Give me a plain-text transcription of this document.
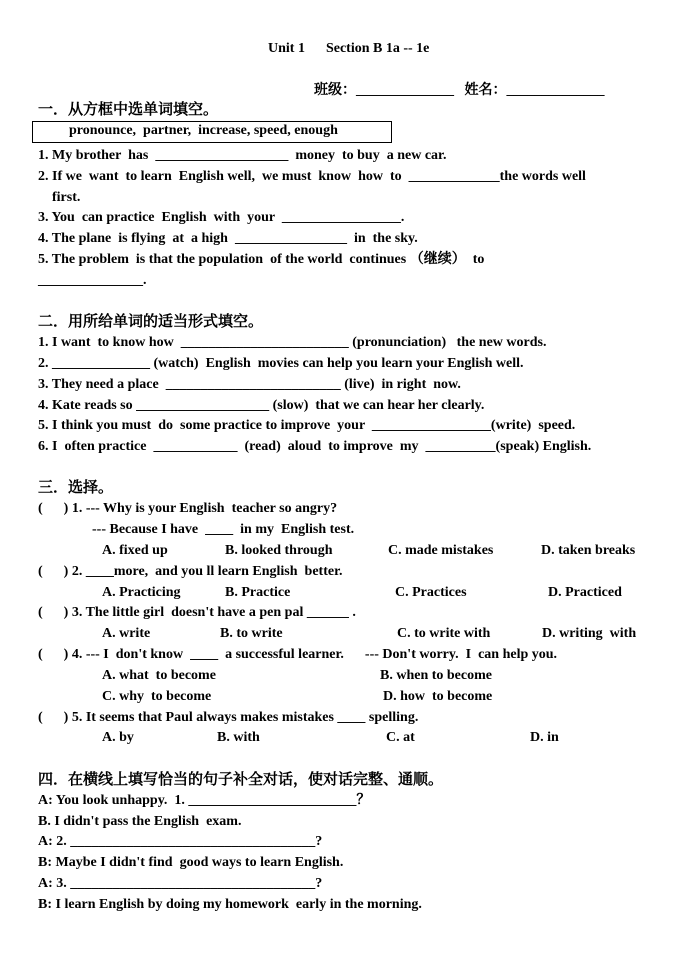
Unit 1      Section B 1a -- 1e
班级：______________   姓名：______________
一．从方框中选单词填空。
pronounce,  partner,  increase, speed, enough
1. My brother  has  ___________________  money  to buy  a new car.
2. If we  want  to learn  English well,  we must  know  how  to  _____________the words well
first.
3. You  can practice  English  with  your  _________________.
4. The plane  is flying  at  a high  ________________  in  the sky.
5. The problem  is that the population  of the world  continues （继续）  to
_______________.
二．用所给单词的适当形式填空。
1. I want  to know how  ________________________ (pronunciation)   the new words.
2. ______________ (watch)  English  movies can help you learn your English well.
3. They need a place  _________________________ (live)  in right  now.
4. Kate reads so ___________________ (slow)  that we can hear her clearly.
5. I think you must  do  some practice to improve  your  _________________(write)  speed.
6. I  often practice  ____________  (read)  aloud  to improve  my  __________(speak) English.
三．选择。
(      ) 1. --- Why is your English  teacher so angry?
--- Because I have  ____  in my  English test.
A. fixed up	B. looked through	C. made mistakes	D. taken breaks
(      ) 2. ____more,  and you ll learn English  better.
A. Practicing	B. Practice	C. Practices	D. Practiced
(      ) 3. The little girl  doesn't have a pen pal ______ .
A. write	B. to write	C. to write with	D. writing  with
(      ) 4. --- I  don't know  ____  a successful learner.      --- Don't worry.  I  can help you.
A. what  to become	B. when to become
C. why  to become	D. how  to become
(      ) 5. It seems that Paul always makes mistakes ____ spelling.
A. by	B. with	C. at	D. in
四．在横线上填写恰当的句子补全对话，使对话完整、通顺。
A: You look unhappy.  1. ________________________？
B. I didn't pass the English  exam.
A: 2. ___________________________________?
B: Maybe I didn't find  good ways to learn English.
A: 3. ___________________________________?
B: I learn English by doing my homework  early in the morning.
